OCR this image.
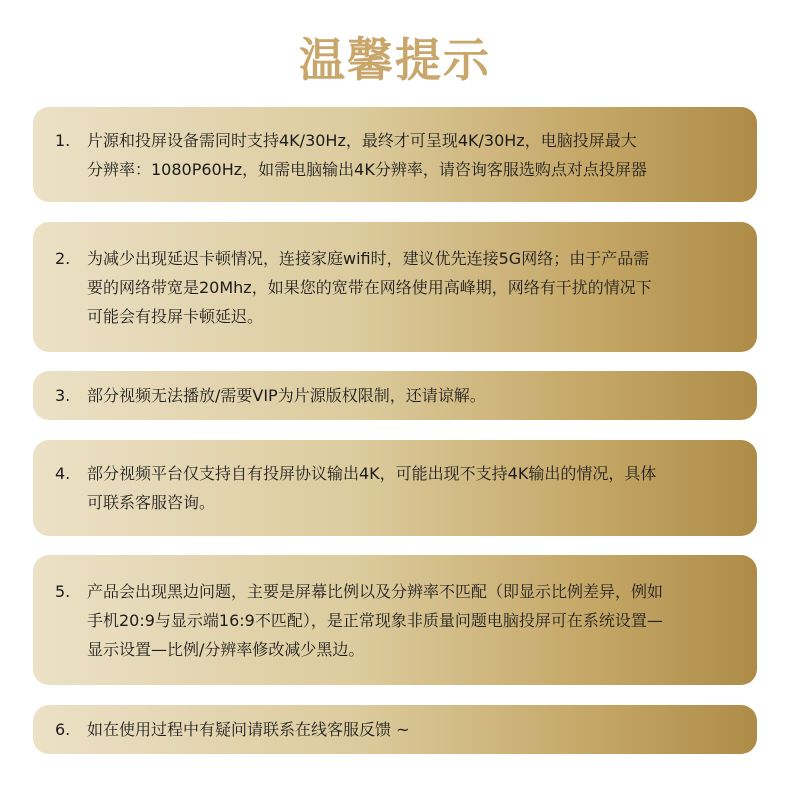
温馨提示
1.	片源和投屏设备需同时支持4K/30Hz，最终才可呈现4K/30Hz，电脑投屏最大
分辨率：1080P60Hz，如需电脑输出4K分辨率，请咨询客服选购点对点投屏器
2.	为减少出现延迟卡顿情况，连接家庭wifi时，建议优先连接5G网络；由于产品需
要的网络带宽是20Mhz，如果您的宽带在网络使用高峰期，网络有干扰的情况下
可能会有投屏卡顿延迟。
3.	部分视频无法播放/需要VIP为片源版权限制，还请谅解。
4.	部分视频平台仅支持自有投屏协议输出4K，可能出现不支持4K输出的情况，具体
可联系客服咨询。
5.	产品会出现黑边问题，主要是屏幕比例以及分辨率不匹配（即显示比例差异，例如
手机20:9与显示端16:9不匹配），是正常现象非质量问题电脑投屏可在系统设置—
显示设置—比例/分辨率修改减少黑边。
6.	如在使用过程中有疑问请联系在线客服反馈 ~
